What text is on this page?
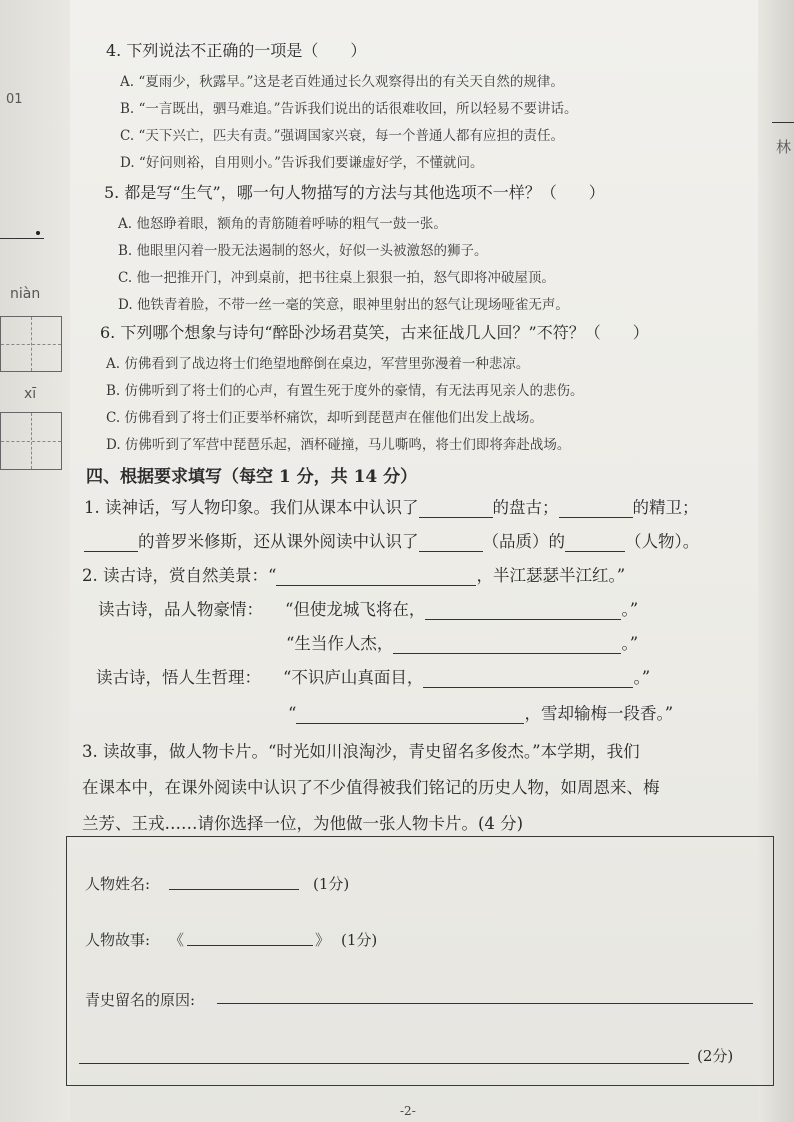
01
niàn
xī
林
4. 下列说法不正确的一项是（　　）
A. “夏雨少，秋露早。”这是老百姓通过长久观察得出的有关天自然的规律。
B. “一言既出，驷马难追。”告诉我们说出的话很难收回，所以轻易不要讲话。
C. “天下兴亡，匹夫有责。”强调国家兴衰，每一个普通人都有应担的责任。
D. “好问则裕，自用则小。”告诉我们要谦虚好学，不懂就问。
5. 都是写“生气”，哪一句人物描写的方法与其他选项不一样？（　　）
A. 他怒睁着眼，额角的青筋随着呼哧的粗气一鼓一张。
B. 他眼里闪着一股无法遏制的怒火，好似一头被激怒的狮子。
C. 他一把推开门，冲到桌前，把书往桌上狠狠一拍，怒气即将冲破屋顶。
D. 他铁青着脸，不带一丝一毫的笑意，眼神里射出的怒气让现场哑雀无声。
6. 下列哪个想象与诗句“醉卧沙场君莫笑，古来征战几人回？”不符？（　　）
A. 仿佛看到了战边将士们绝望地醉倒在桌边，军营里弥漫着一种悲凉。
B. 仿佛听到了将士们的心声，有置生死于度外的豪情，有无法再见亲人的悲伤。
C. 仿佛看到了将士们正要举杯痛饮，却听到琵琶声在催他们出发上战场。
D. 仿佛听到了军营中琵琶乐起，酒杯碰撞，马儿嘶鸣，将士们即将奔赴战场。
四、根据要求填写（每空 1 分，共 14 分）
1. 读神话，写人物印象。我们从课本中认识了	的盘古；	的精卫；
的普罗米修斯，还从课外阅读中认识了	（品质）的	（人物）。
2. 读古诗，赏自然美景：“	，半江瑟瑟半江红。”
读古诗，品人物豪情： “但使龙城飞将在，	。”
“生当作人杰，	。”
读古诗，悟人生哲理： “不识庐山真面目，	。”
“	，雪却输梅一段香。”
3. 读故事，做人物卡片。“时光如川浪淘沙，青史留名多俊杰。”本学期，我们
在课本中，在课外阅读中认识了不少值得被我们铭记的历史人物，如周恩来、梅
兰芳、王戎……请你选择一位，为他做一张人物卡片。(4 分)
人物姓名:	(1分)
人物故事: 《	》 (1分)
青史留名的原因:
(2分)
-2-
